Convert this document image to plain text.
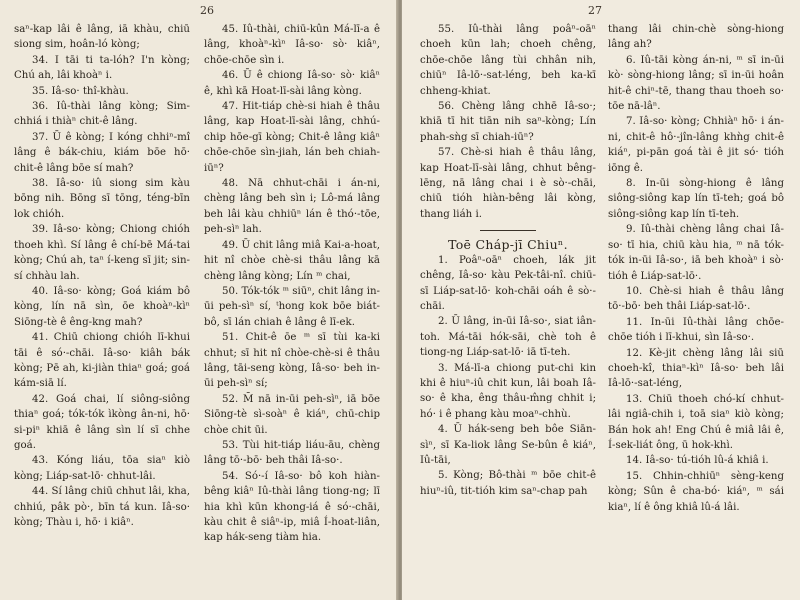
26

saⁿ-kap lâi ê lâng, iā khàu, chiū siong sim, hoân-ló kòng;

34. I tāi ti ta-lóh? I'n kòng; Chú ah, lâi khoàⁿ i.

35. Iâ-so· thî-khàu.

36. Iû-thài lâng kòng; Sim-chhiá i thiàⁿ chit-ê lâng.

37. Ū ê kòng; I kóng chhiⁿ-mî lâng ê bák-chiu, kiám bōe hō· chit-ê lâng bōe sí mah?

38. Iâ-so· iû siong sim kàu bōng nih. Bōng sī tōng, téng-bīn lok chióh.

39. Iâ-so· kòng; Chiong chióh thoeh khì. Sí lâng ê chí-bē Má-tai kòng; Chú ah, taⁿ í-keng sī jit; sin-sí chhàu lah.

40. Iâ-so· kòng; Goá kiám bô kòng, lín nā sìn, ōe khoàⁿ-kìⁿ Siōng-tè ê êng-kng mah?

41. Chiū chiong chióh lī-khui tāi ê só·-chāi. Iâ-so· kiâh bák kòng; Pē ah, ki-jiàn thiaⁿ goá; goá kám-siā lí.

42. Goá chai, lí siông-siông thiaⁿ goá; tók-tók ìkòng ân-ni, hō· si-piⁿ khiā ê lâng sìn lí sī chhe goá.

43. Kóng liáu, tōa siaⁿ kiò kòng; Liáp-sat-lō· chhut-lâi.

44. Sí lâng chiū chhut lâi, kha, chhiú, pâk pò·, bīn tá kun. Iâ-so· kòng; Thàu i, hō· i kiâⁿ.

45. Iû-thài, chiū-kûn Má-lī-a ê lâng, khoàⁿ-kìⁿ Iâ-so· sò· kiâⁿ, chōe-chōe sìn i.

46. Ū ê chiong Iâ-so· sò· kiâⁿ ê, khì kā Hoat-lī-sài lâng kòng.

47. Hit-tiáp chè-si hiah ê thâu lâng, kap Hoat-lī-sài lâng, chhú-chip hōe-gī kòng; Chit-ê lâng kiâⁿ chōe-chōe sìn-jiah, lán beh chiah-iūⁿ?

48. Nā chhut-chāi i án-ni, chèng lâng beh sìn i; Lô-má lâng beh lâi kàu chhiūⁿ lán ê thó·-tōe, peh-sìⁿ lah.

49. Ū chit lâng miâ Kai-a-hoat, hit nî chòe chè-si thâu lâng kā chèng lâng kòng; Lín ᵐ chai,

50. Tók-tók ᵐ siūⁿ, chit lâng in-ūi peh-sìⁿ sí, ᵗhong kok bōe biát-bô, sī lán chiah ê lâng ê lī-ek.

51. Chit-ê ōe ᵐ sī tùi ka-ki chhut; sī hit nî chòe-chè-si ê thâu lâng, tāi-seng kòng, Iâ-so· beh in-ūi peh-sìⁿ sí;

52. M̄ nā in-ūi peh-sìⁿ, iā bōe Siōng-tè sì-soàⁿ ê kiáⁿ, chū-chip chòe chit ūi.

53. Tùi hit-tiáp liáu-āu, chèng lâng tō·-bō· beh thâi Iâ-so·.

54. Só·-í Iâ-so· bô koh hiàn-bêng kiâⁿ Iû-thài lâng tiong-ng; lī hia khì kūn khong-iá ê só·-chāi, kàu chit ê siâⁿ-ip, miâ Í-hoat-liân, kap hák-seng tiàm hia.

27

55. Iû-thài lâng poâⁿ-oāⁿ choeh kūn lah; choeh chêng, chōe-chōe lâng tùi chhân nih, chiūⁿ Iâ-lō·-sat-léng, beh ka-kī chheng-khiat.

56. Chèng lâng chhē Iâ-so·; khiā tī hit tiān nih saⁿ-kòng; Lín phah-sǹg sī chiah-iūⁿ?

57. Chè-si hiah ê thâu lâng, kap Hoat-lī-sài lâng, chhut bêng-lēng, nā lâng chai i è sò·-chāi, chiū tióh hiàn-bêng lâi kòng, thang liáh i.

Toē Cháp-jī Chiuⁿ.

1. Poâⁿ-oāⁿ choeh, lák jit chêng, Iâ-so· kàu Pek-tâi-nî. chiū-sī Liáp-sat-lō· koh-chāi oáh ê sò·-chāi.

2. Ū lâng, in-ūi Iâ-so·, siat iân-toh. Má-tāi hók-sāi, chè toh ê tiong-ng Liáp-sat-lō· iā tī-teh.

3. Má-lī-a chiong put-chi kin khi ê hiuⁿ-iû chit kun, lâi boah Iâ-so· ê kha, êng thâu-m̂ng chhit i; hó· i ê phang kàu moaⁿ-chhù.

4. Ū hák-seng beh bôe Siān-sìⁿ, sī Ka-liok lâng Se-bûn ê kiáⁿ, Iû-tāi,

5. Kòng; Bô-thài ᵐ bōe chit-ê hiuⁿ-iû, tit-tióh kim saⁿ-chap pah

thang lâi chin-chè sòng-hiong lâng ah?

6. Iû-tāi kòng án-ni, ᵐ sī in-ūi kò· sòng-hiong lâng; sī in-ūi hoân hit-ê chiⁿ-tē, thang thau thoeh so· tōe nā-lâⁿ.

7. Iâ-so· kòng; Chhiàⁿ hō· i án-ni, chit-ê hô·-jîn-lâng khǹg chit-ê kiáⁿ, pi-pān goá tài ê jit só· tióh iōng ê.

8. In-ūi sòng-hiong ê lâng siông-siông kap lín tī-teh; goá bô siông-siông kap lín tī-teh.

9. Iû-thài chèng lâng chai Iâ-so· tī hia, chiū kàu hia, ᵐ nā tók-tók in-ūi Iâ-so·, iā beh khoàⁿ i sò· tióh ê Liáp-sat-lō·.

10. Chè-si hiah ê thâu lâng tō·-bō· beh thâi Liáp-sat-lō·.

11. In-ūi Iû-thài lâng chōe-chōe tióh i lī-khui, sìn Iâ-so·.

12. Kè-jit chèng lâng lâi siū choeh-kî, thiaⁿ-kìⁿ Iâ-so· beh lâi Iâ-lō·-sat-léng,

13. Chiū thoeh chó-kí chhut-lâi ngiâ-chih i, toā siaⁿ kiò kòng; Bán hok ah! Eng Chú ê miâ lâi ê, Í-sek-liát ông, ū hok-khì.

14. Iâ-so· tú-tióh lû-á khiâ i.

15. Chhin-chhiūⁿ sèng-keng kòng; Sûn ê cha-bó· kiáⁿ, ᵐ sái kiaⁿ, lí ê ông khiâ lû-á lâi.
